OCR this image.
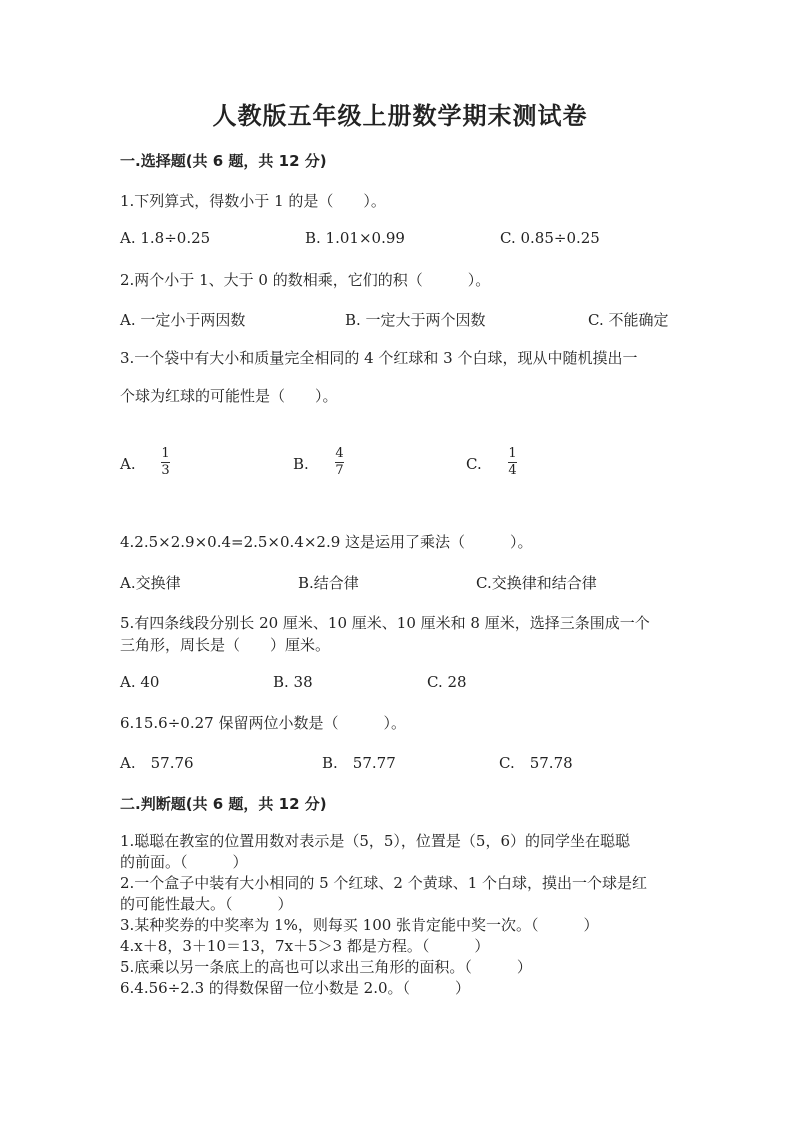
人教版五年级上册数学期末测试卷
一.选择题(共 6 题，共 12 分)
1.下列算式，得数小于 1 的是（　　）。
A. 1.8÷0.25	B. 1.01×0.99	C. 0.85÷0.25
2.两个小于 1、大于 0 的数相乘，它们的积（　　　）。
A. 一定小于两因数	B. 一定大于两个因数	C. 不能确定
3.一个袋中有大小和质量完全相同的 4 个红球和 3 个白球，现从中随机摸出一
个球为红球的可能性是（　　）。
A.
1
3	B.
4
7	C.
1
4
4.2.5×2.9×0.4=2.5×0.4×2.9 这是运用了乘法（　　　）。
A.交换律	B.结合律	C.交换律和结合律
5.有四条线段分别长 20 厘米、10 厘米、10 厘米和 8 厘米，选择三条围成一个
三角形，周长是（　　）厘米。
A. 40	B. 38	C. 28
6.15.6÷0.27 保留两位小数是（　　　）。
A.　57.76	B.　57.77	C.　57.78
二.判断题(共 6 题，共 12 分)
1.聪聪在教室的位置用数对表示是（5，5），位置是（5，6）的同学坐在聪聪
的前面。（　　　）
2.一个盒子中装有大小相同的 5 个红球、2 个黄球、1 个白球，摸出一个球是红
的可能性最大。（　　　）
3.某种奖券的中奖率为 1%，则每买 100 张肯定能中奖一次。（　　　）
4.x＋8，3＋10＝13，7x＋5＞3 都是方程。（　　　）
5.底乘以另一条底上的高也可以求出三角形的面积。（　　　）
6.4.56÷2.3 的得数保留一位小数是 2.0。（　　　）
